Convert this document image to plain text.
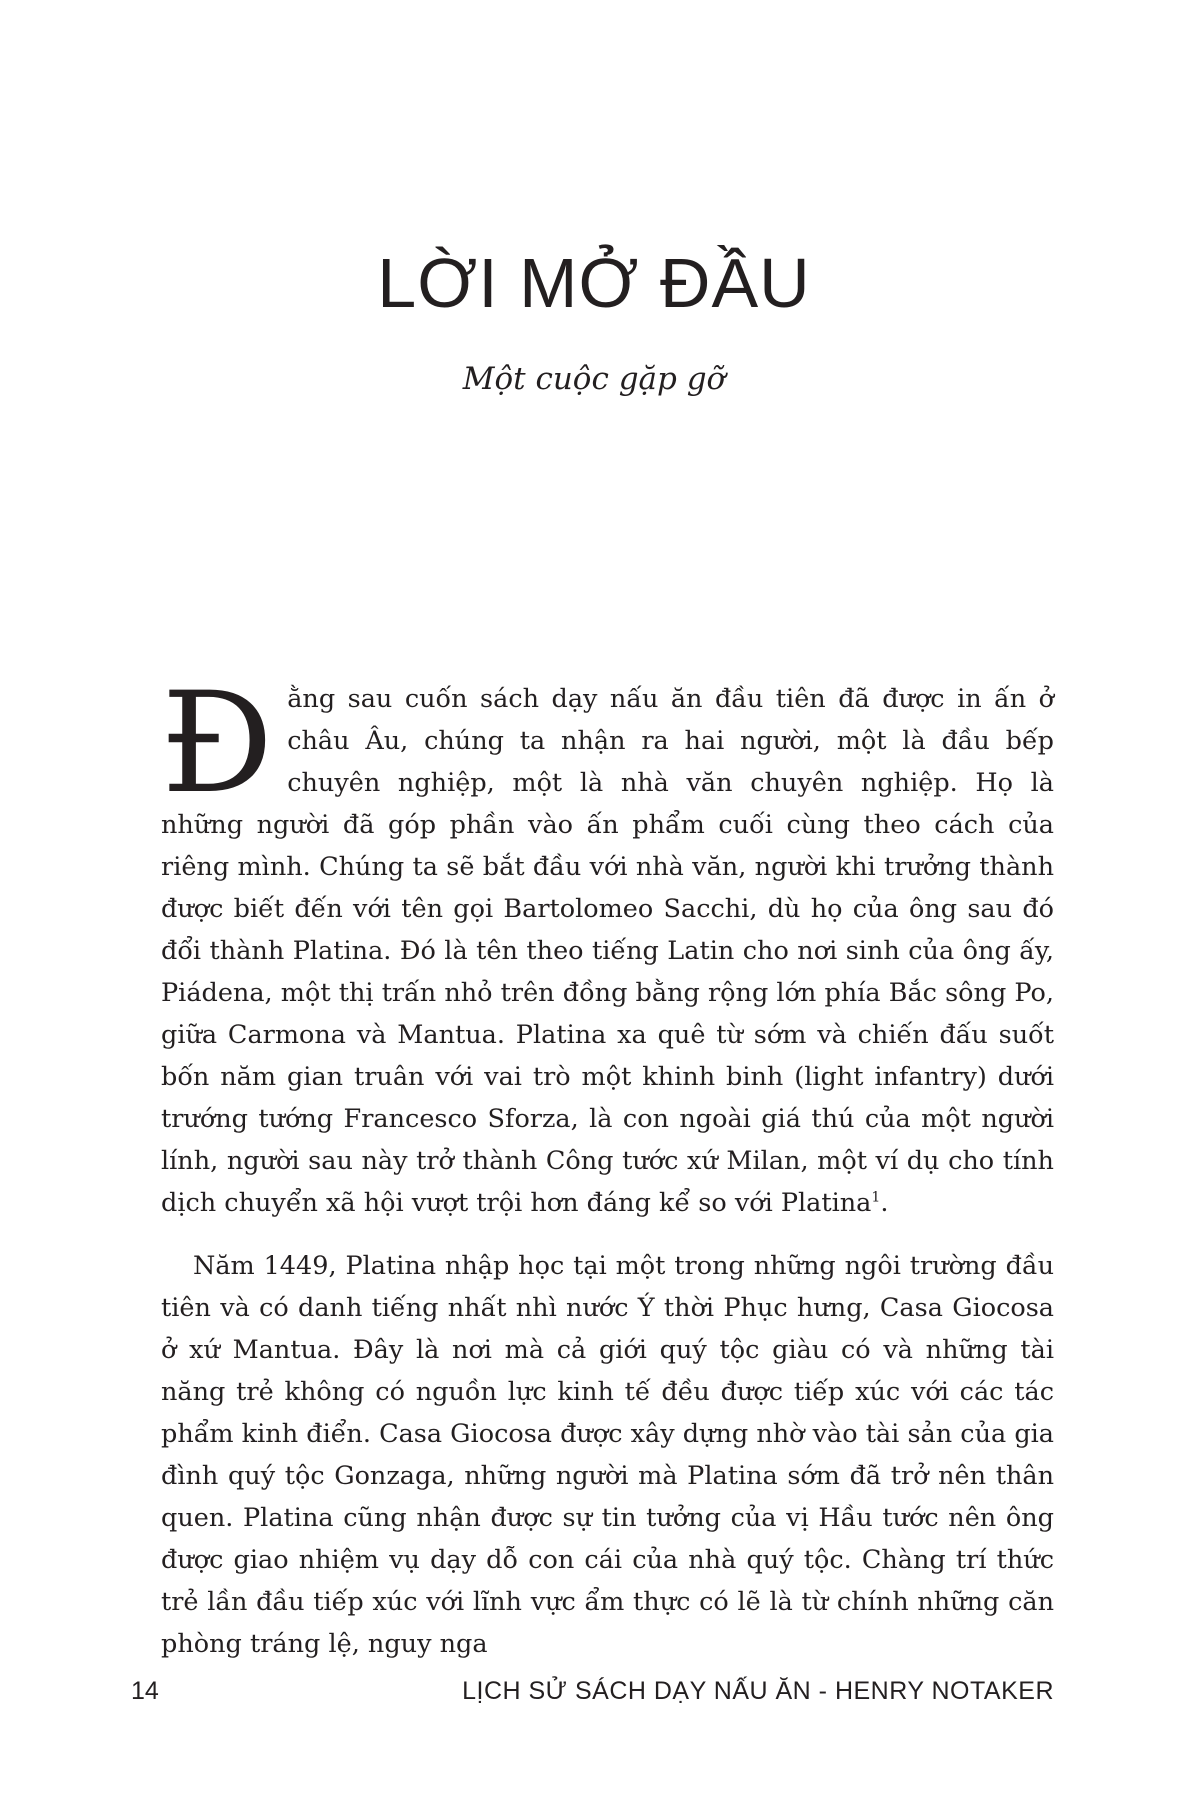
LỜI MỞ ĐẦU
Một cuộc gặp gỡ

Đằng sau cuốn sách dạy nấu ăn đầu tiên đã được in ấn ở châu Âu, chúng ta nhận ra hai người, một là đầu bếp chuyên nghiệp, một là nhà văn chuyên nghiệp. Họ là những người đã góp phần vào ấn phẩm cuối cùng theo cách của riêng mình. Chúng ta sẽ bắt đầu với nhà văn, người khi trưởng thành được biết đến với tên gọi Bartolomeo Sacchi, dù họ của ông sau đó đổi thành Platina. Đó là tên theo tiếng Latin cho nơi sinh của ông ấy, Piádena, một thị trấn nhỏ trên đồng bằng rộng lớn phía Bắc sông Po, giữa Carmona và Mantua. Platina xa quê từ sớm và chiến đấu suốt bốn năm gian truân với vai trò một khinh binh (light infantry) dưới trướng tướng Francesco Sforza, là con ngoài giá thú của một người lính, người sau này trở thành Công tước xứ Milan, một ví dụ cho tính dịch chuyển xã hội vượt trội hơn đáng kể so với Platina$^1$.

Năm 1449, Platina nhập học tại một trong những ngôi trường đầu tiên và có danh tiếng nhất nhì nước Ý thời Phục hưng, Casa Giocosa ở xứ Mantua. Đây là nơi mà cả giới quý tộc giàu có và những tài năng trẻ không có nguồn lực kinh tế đều được tiếp xúc với các tác phẩm kinh điển. Casa Giocosa được xây dựng nhờ vào tài sản của gia đình quý tộc Gonzaga, những người mà Platina sớm đã trở nên thân quen. Platina cũng nhận được sự tin tưởng của vị Hầu tước nên ông được giao nhiệm vụ dạy dỗ con cái của nhà quý tộc. Chàng trí thức trẻ lần đầu tiếp xúc với lĩnh vực ẩm thực có lẽ là từ chính những căn phòng tráng lệ, nguy nga

14	LỊCH SỬ SÁCH DẠY NẤU ĂN - HENRY NOTAKER
